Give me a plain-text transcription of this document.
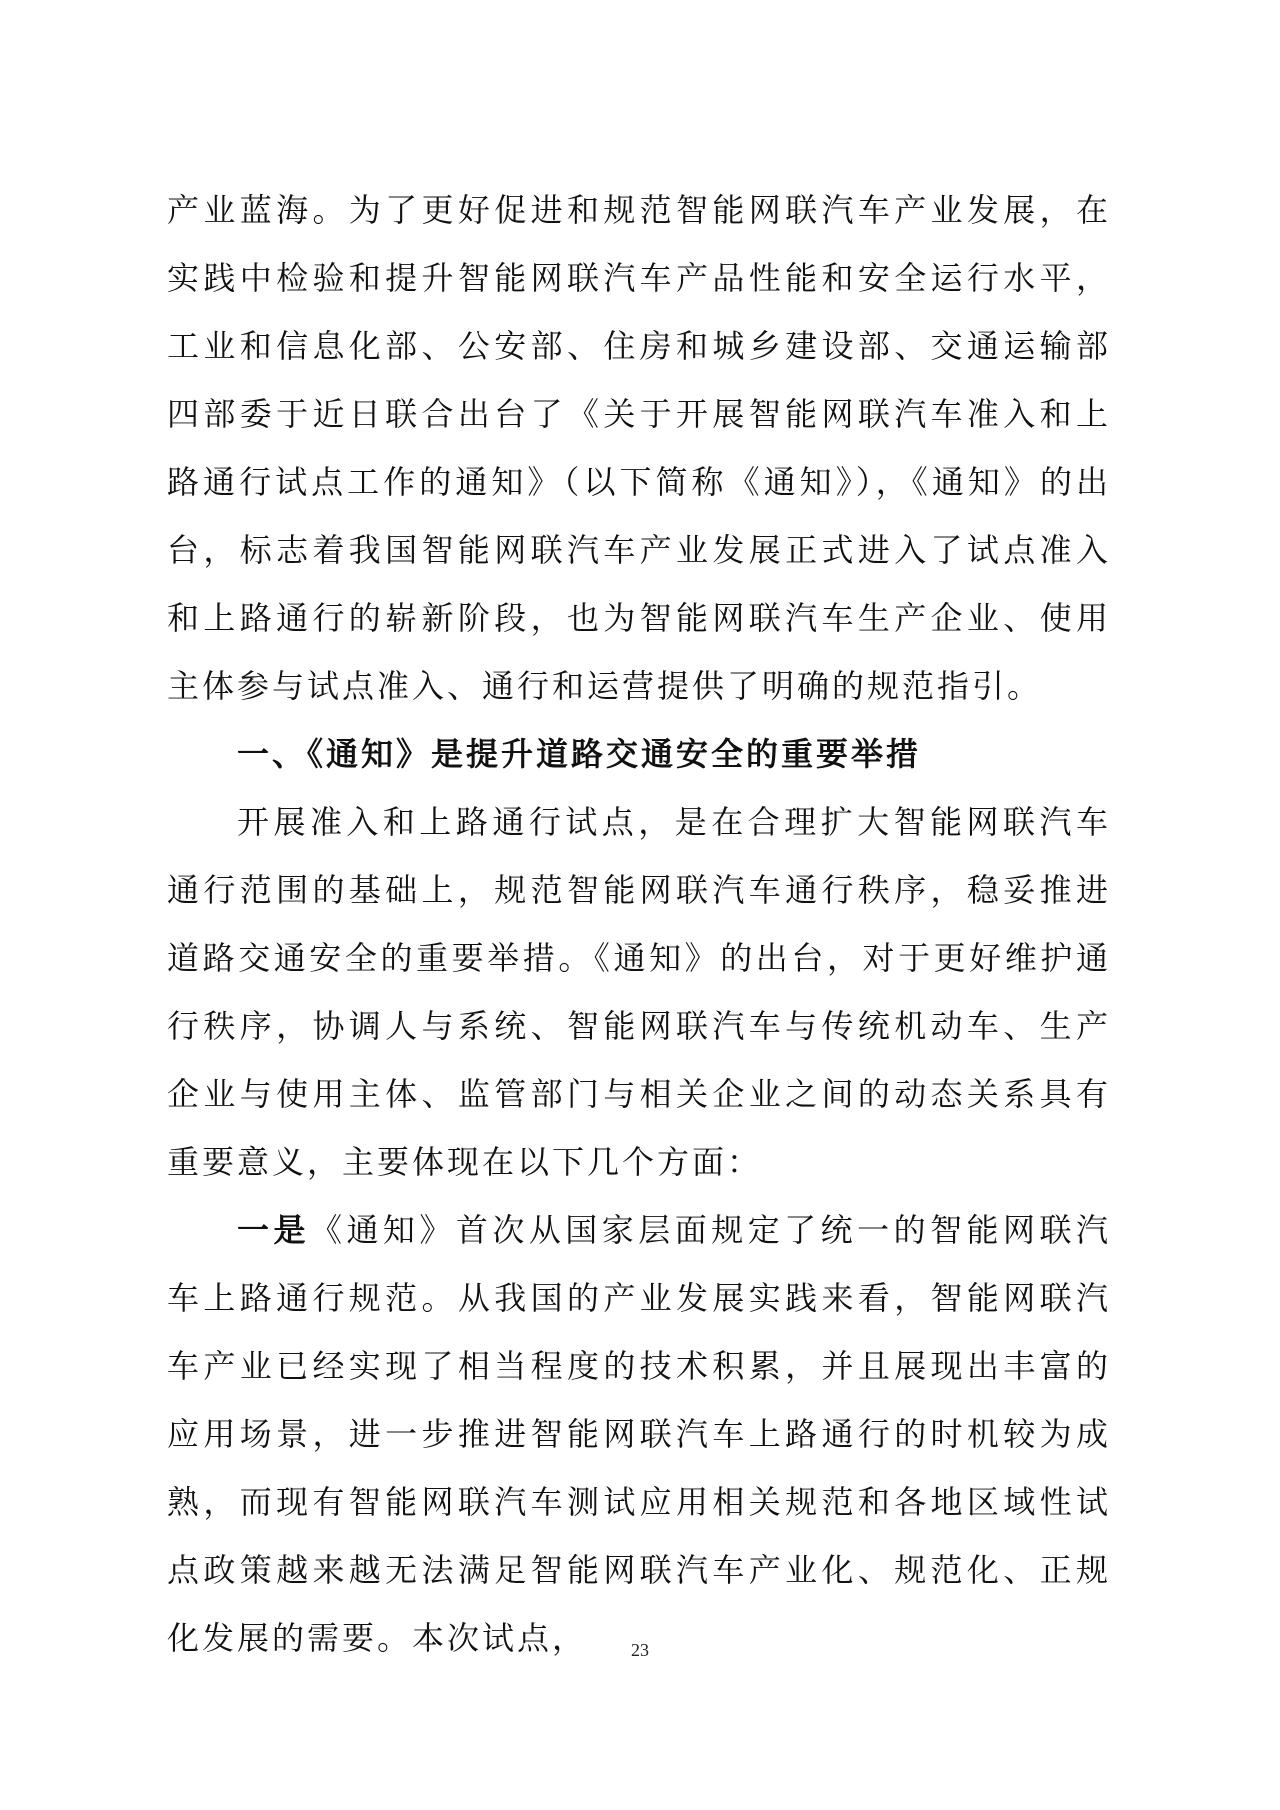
产业蓝海。为了更好促进和规范智能网联汽车产业发展，在实践中检验和提升智能网联汽车产品性能和安全运行水平，工业和信息化部、公安部、住房和城乡建设部、交通运输部四部委于近日联合出台了《关于开展智能网联汽车准入和上路通行试点工作的通知》（以下简称《通知》），《通知》的出台，标志着我国智能网联汽车产业发展正式进入了试点准入和上路通行的崭新阶段，也为智能网联汽车生产企业、使用主体参与试点准入、通行和运营提供了明确的规范指引。

一、《通知》是提升道路交通安全的重要举措

开展准入和上路通行试点，是在合理扩大智能网联汽车通行范围的基础上，规范智能网联汽车通行秩序，稳妥推进道路交通安全的重要举措。《通知》的出台，对于更好维护通行秩序，协调人与系统、智能网联汽车与传统机动车、生产企业与使用主体、监管部门与相关企业之间的动态关系具有重要意义，主要体现在以下几个方面：

一是《通知》首次从国家层面规定了统一的智能网联汽车上路通行规范。从我国的产业发展实践来看，智能网联汽车产业已经实现了相当程度的技术积累，并且展现出丰富的应用场景，进一步推进智能网联汽车上路通行的时机较为成熟，而现有智能网联汽车测试应用相关规范和各地区域性试点政策越来越无法满足智能网联汽车产业化、规范化、正规化发展的需要。本次试点，	23
